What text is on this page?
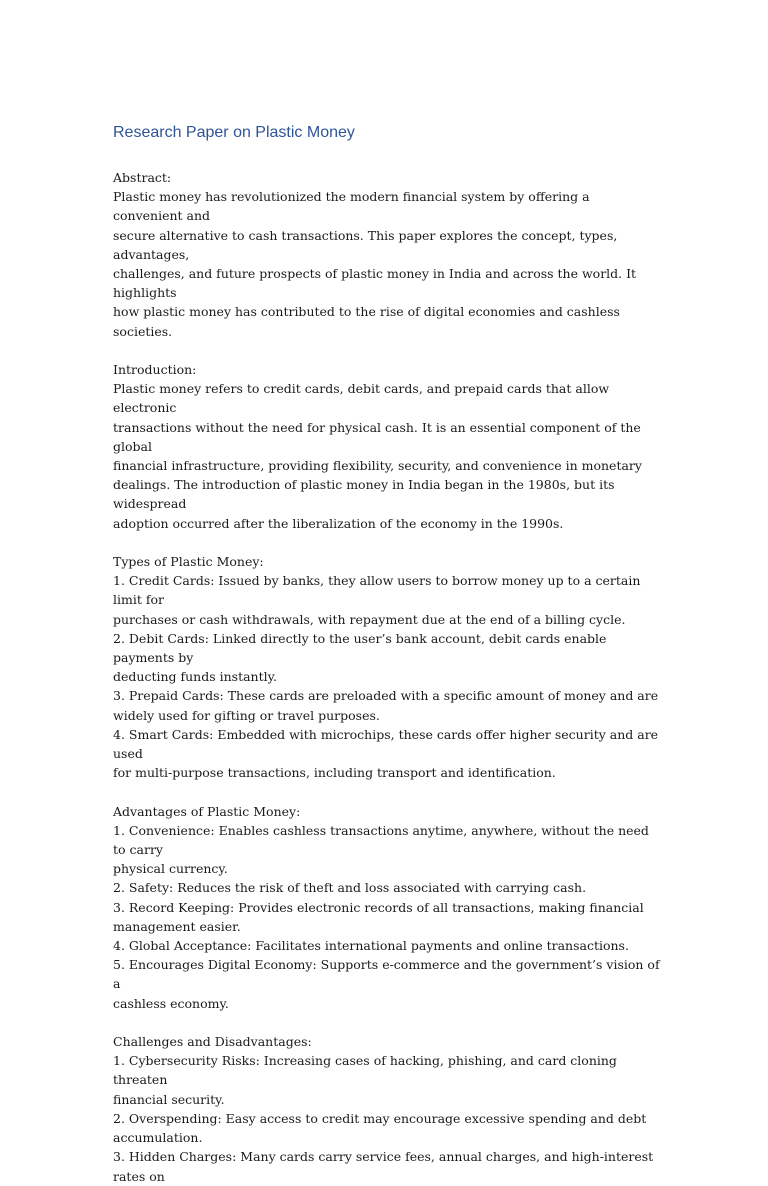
Research Paper on Plastic Money

Abstract:

Plastic money has revolutionized the modern financial system by offering a convenient and

secure alternative to cash transactions. This paper explores the concept, types, advantages,

challenges, and future prospects of plastic money in India and across the world. It highlights

how plastic money has contributed to the rise of digital economies and cashless societies.

Introduction:

Plastic money refers to credit cards, debit cards, and prepaid cards that allow electronic

transactions without the need for physical cash. It is an essential component of the global

financial infrastructure, providing flexibility, security, and convenience in monetary

dealings. The introduction of plastic money in India began in the 1980s, but its widespread

adoption occurred after the liberalization of the economy in the 1990s.

Types of Plastic Money:

1. Credit Cards: Issued by banks, they allow users to borrow money up to a certain limit for

purchases or cash withdrawals, with repayment due at the end of a billing cycle.

2. Debit Cards: Linked directly to the user’s bank account, debit cards enable payments by

deducting funds instantly.

3. Prepaid Cards: These cards are preloaded with a specific amount of money and are

widely used for gifting or travel purposes.

4. Smart Cards: Embedded with microchips, these cards offer higher security and are used

for multi-purpose transactions, including transport and identification.

Advantages of Plastic Money:

1. Convenience: Enables cashless transactions anytime, anywhere, without the need to carry

physical currency.

2. Safety: Reduces the risk of theft and loss associated with carrying cash.

3. Record Keeping: Provides electronic records of all transactions, making financial

management easier.

4. Global Acceptance: Facilitates international payments and online transactions.

5. Encourages Digital Economy: Supports e-commerce and the government’s vision of a

cashless economy.

Challenges and Disadvantages:

1. Cybersecurity Risks: Increasing cases of hacking, phishing, and card cloning threaten

financial security.

2. Overspending: Easy access to credit may encourage excessive spending and debt

accumulation.

3. Hidden Charges: Many cards carry service fees, annual charges, and high-interest rates on
